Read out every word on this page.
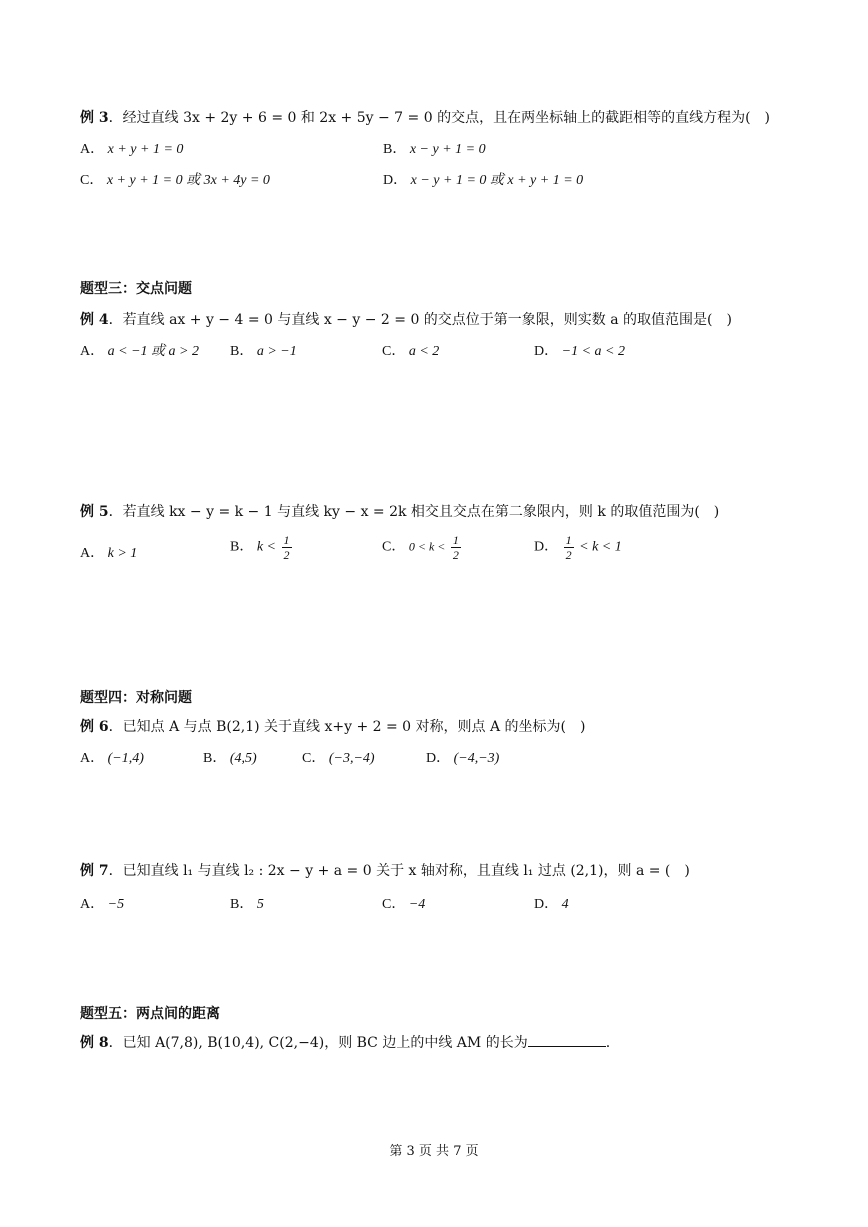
例 3．经过直线 3x + 2y + 6 = 0 和 2x + 5y − 7 = 0 的交点，且在两坐标轴上的截距相等的直线方程为(　)
A． x + y + 1 = 0	B． x − y + 1 = 0
C． x + y + 1 = 0 或 3x + 4y = 0	D． x − y + 1 = 0 或 x + y + 1 = 0
题型三：交点问题
例 4．若直线 ax + y − 4 = 0 与直线 x − y − 2 = 0 的交点位于第一象限，则实数 a 的取值范围是(　)
A． a < −1 或 a > 2 B． a > −1	C． a < 2	D． −1 < a < 2
例 5．若直线 kx − y = k − 1 与直线 ky − x = 2k 相交且交点在第二象限内，则 k 的取值范围为(　)
A． k > 1	B． $k < \frac{1}{2}$	C． $0 < k < \frac{1}{2}$	D． $\frac{1}{2} < k < 1$
题型四：对称问题
例 6．已知点 A 与点 B(2,1) 关于直线 x+y + 2 = 0 对称，则点 A 的坐标为(　)
A． (−1,4)	B． (4,5)	C． (−3,−4)	D． (−4,−3)
例 7．已知直线 l₁ 与直线 l₂ : 2x − y + a = 0 关于 x 轴对称，且直线 l₁ 过点 (2,1)，则 a = (　)
A． −5	B． 5	C． −4	D． 4
题型五：两点间的距离
例 8．已知 A(7,8), B(10,4), C(2,−4)，则 BC 边上的中线 AM 的长为	.
第 3 页 共 7 页
